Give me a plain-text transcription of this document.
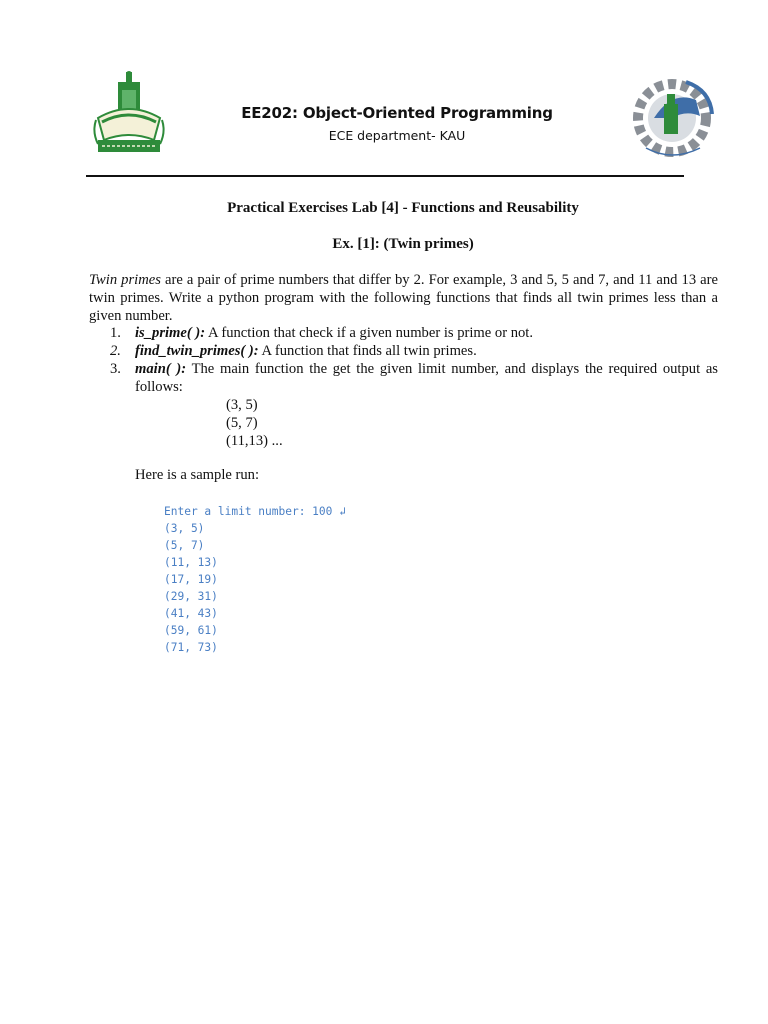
EE202: Object-Oriented Programming
ECE department- KAU
Practical Exercises Lab [4] - Functions and Reusability
Ex. [1]: (Twin primes)
Twin primes are a pair of prime numbers that differ by 2. For example, 3 and 5, 5 and 7, and 11 and 13 are twin primes. Write a python program with the following functions that finds all twin primes less than a given number.
1. is_prime( ): A function that check if a given number is prime or not.
2. find_twin_primes( ): A function that finds all twin primes.
3. main( ): The main function the get the given limit number, and displays the required output as follows:
(3, 5)
(5, 7)
(11,13) ...
Here is a sample run:
Enter a limit number: 100 ↲
(3, 5)
(5, 7)
(11, 13)
(17, 19)
(29, 31)
(41, 43)
(59, 61)
(71, 73)
